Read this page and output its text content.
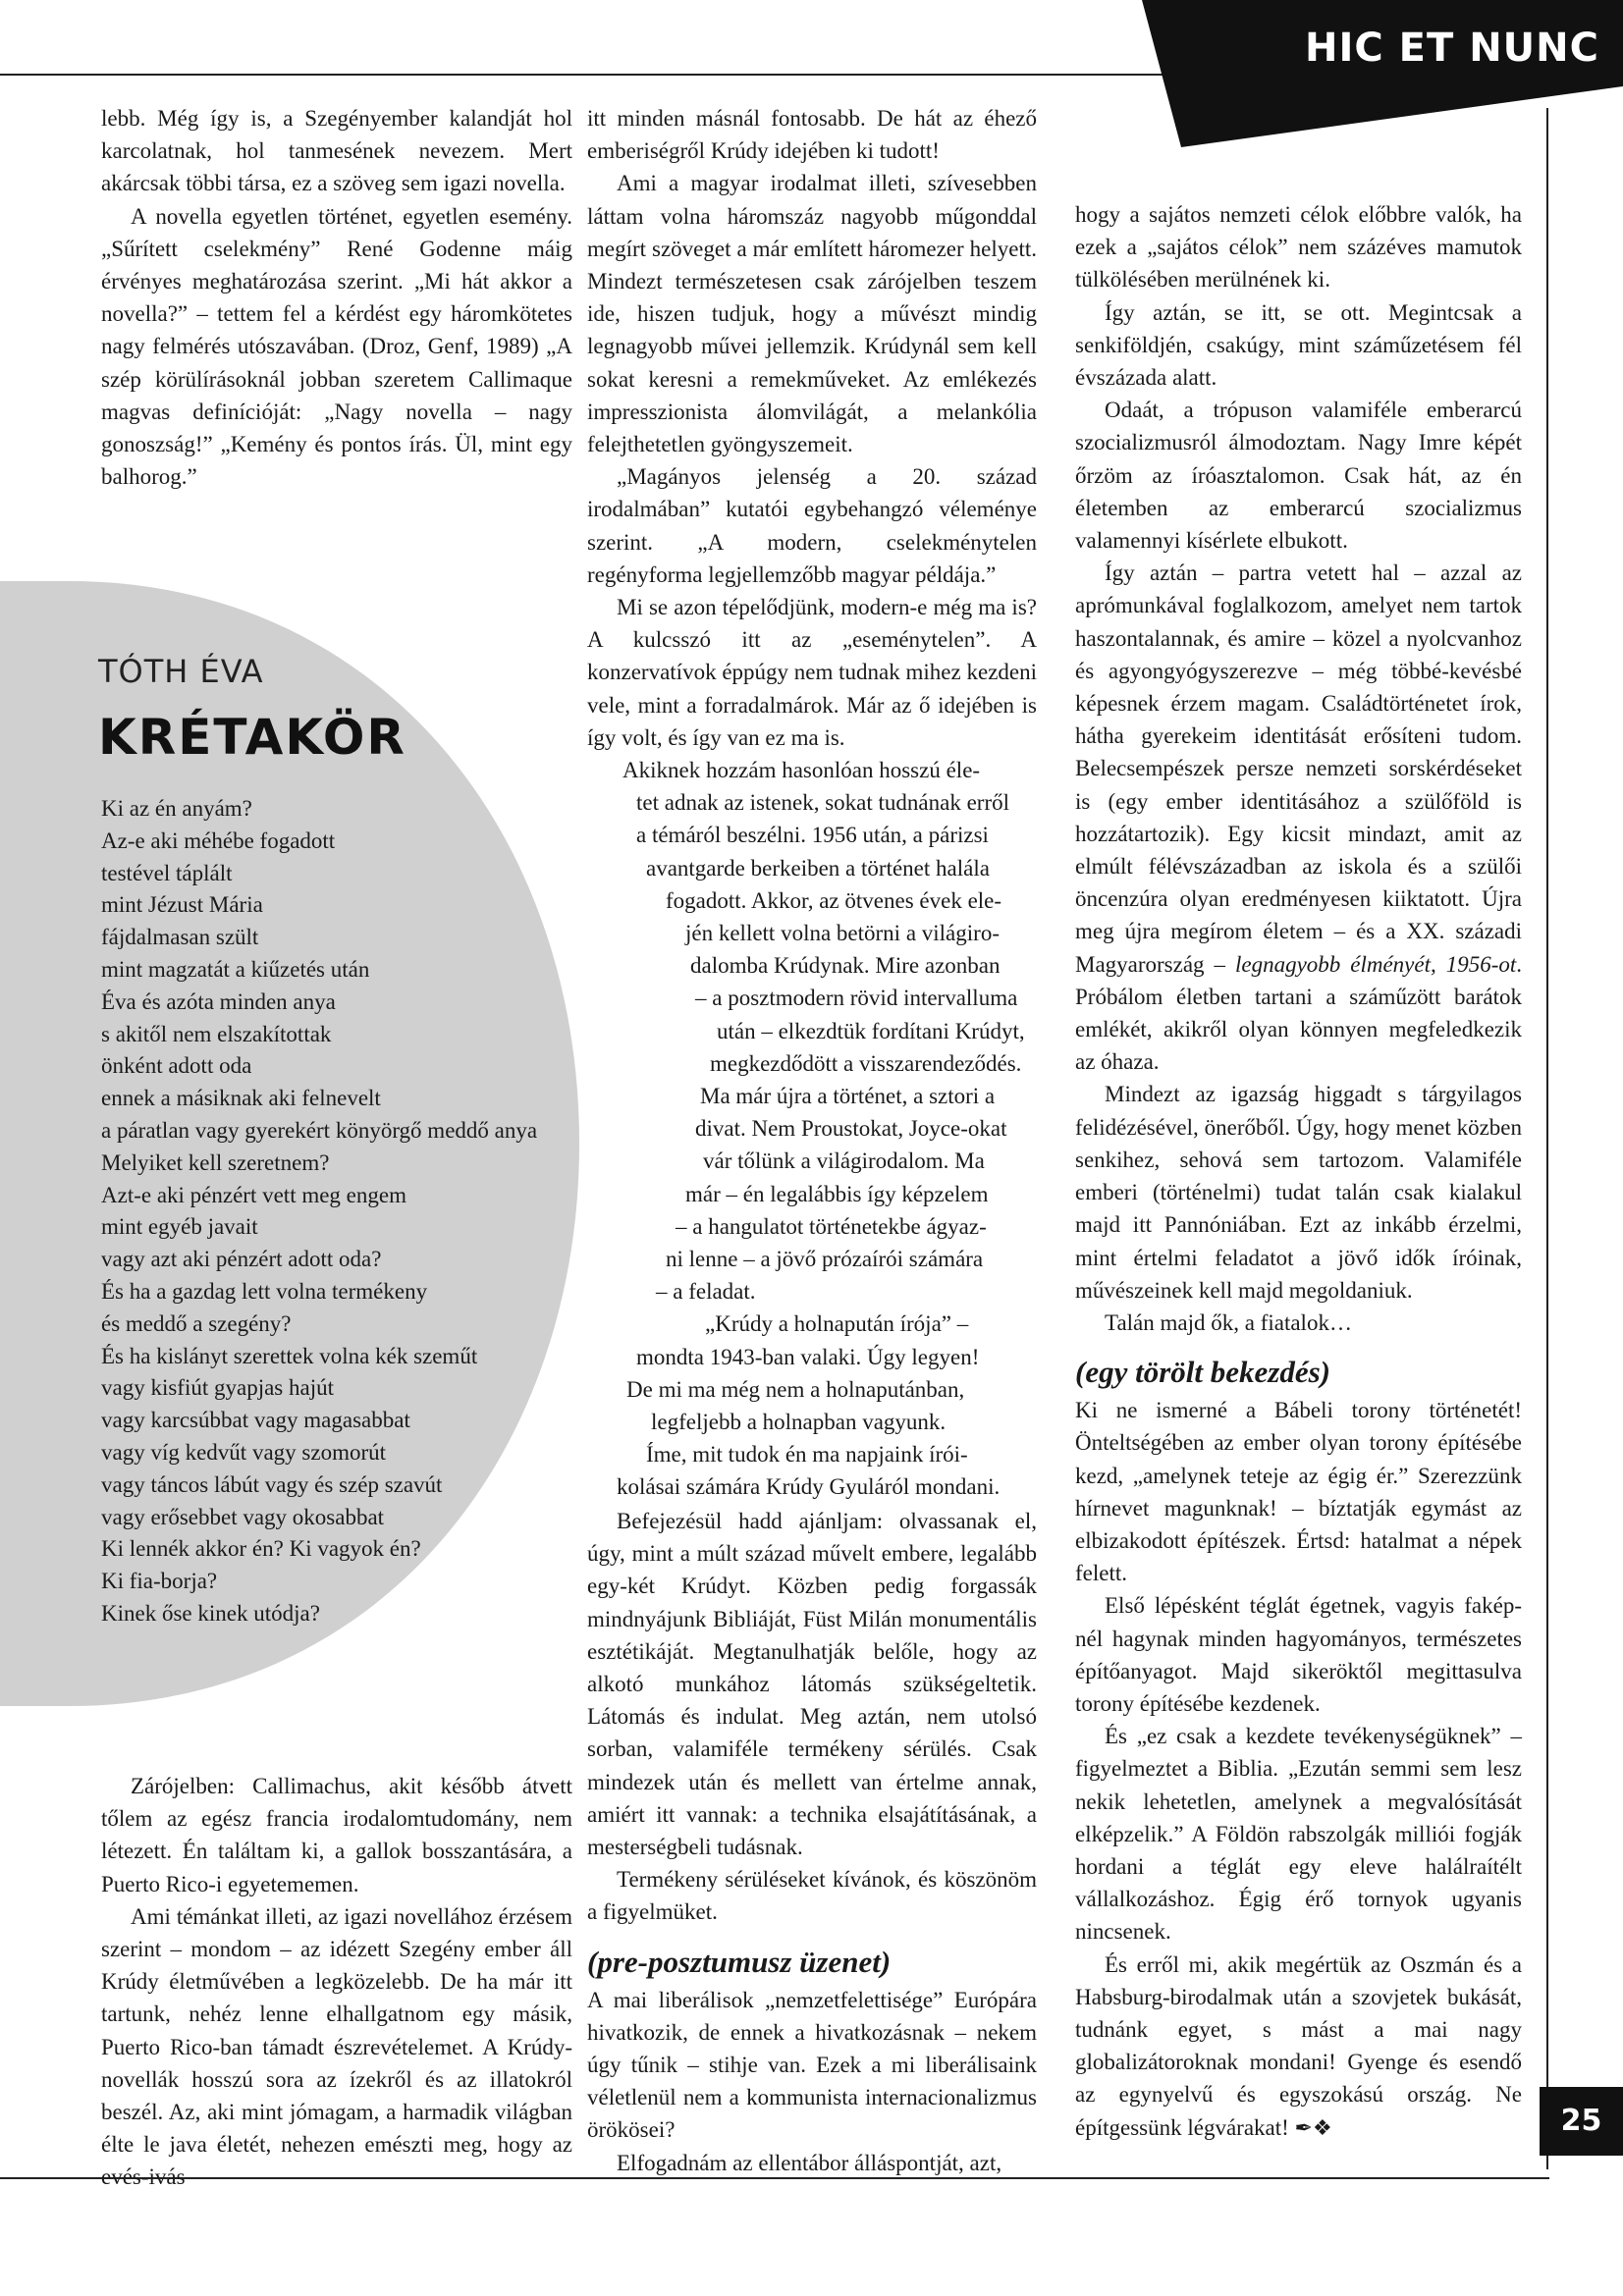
HIC ET NUNC

lebb. Még így is, a Szegényember kalandját hol karcolatnak, hol tanmesének nevezem. Mert akárcsak többi társa, ez a szöveg sem igazi novella.

A novella egyetlen történet, egyetlen esemény. „Sűrített cselekmény” René Godenne máig érvényes meghatározása szerint. „Mi hát akkor a novella?” – tettem fel a kérdést egy háromkötetes nagy felmérés utószavában. (Droz, Genf, 1989) „A szép körülírásoknál jobban szeretem Callimaque magvas definícióját: „Nagy novella – nagy gonoszság!” „Kemény és pontos írás. Ül, mint egy balhorog.”

TÓTH ÉVA
KRÉTAKÖR
Ki az én anyám?
Az-e aki méhébe fogadott
testével táplált
mint Jézust Mária
fájdalmasan szült
mint magzatát a kiűzetés után
Éva és azóta minden anya
s akitől nem elszakítottak
önként adott oda
ennek a másiknak aki felnevelt
a páratlan vagy gyerekért könyörgő meddő anya
Melyiket kell szeretnem?
Azt-e aki pénzért vett meg engem
mint egyéb javait
vagy azt aki pénzért adott oda?
És ha a gazdag lett volna termékeny
és meddő a szegény?
És ha kislányt szerettek volna kék szeműt
vagy kisfiút gyapjas hajút
vagy karcsúbbat vagy magasabbat
vagy víg kedvűt vagy szomorút
vagy táncos lábút vagy és szép szavút
vagy erősebbet vagy okosabbat
Ki lennék akkor én? Ki vagyok én?
Ki fia-borja?
Kinek őse kinek utódja?

Zárójelben: Callimachus, akit később átvett tőlem az egész francia irodalomtudomány, nem létezett. Én találtam ki, a gallok bosszantására, a Puerto Rico-i egyetememen.

Ami témánkat illeti, az igazi novellához érzésem szerint – mondom – az idézett Szegény ember áll Krúdy életművében a legközelebb. De ha már itt tartunk, nehéz lenne elhallgatnom egy másik, Puerto Rico-ban támadt észrevételemet. A Krúdy-novellák hosszú sora az ízekről és az illatokról beszél. Az, aki mint jómagam, a harmadik világban élte le java életét, nehezen emészti meg, hogy az evés-ivás

itt minden másnál fontosabb. De hát az éhező emberiségről Krúdy idejében ki tudott!

Ami a magyar irodalmat illeti, szívesebben láttam volna háromszáz nagyobb műgonddal megírt szöveget a már említett háromezer helyett. Mindezt természetesen csak zárójelben teszem ide, hiszen tudjuk, hogy a művészt mindig legnagyobb művei jellemzik. Krúdynál sem kell sokat keresni a remekműveket. Az emlékezés impresszionista álomvilágát, a melankólia felejthetetlen gyöngyszemeit.

„Magányos jelenség a 20. század irodalmában” kutatói egybehangzó véleménye szerint. „A modern, cselekménytelen regényforma legjellemzőbb magyar példája.”

Mi se azon tépelődjünk, modern-e még ma is? A kulcsszó itt az „eseménytelen”. A konzervatívok éppúgy nem tudnak mihez kezdeni vele, mint a forradalmárok. Már az ő idejében is így volt, és így van ez ma is.

Akiknek hozzám hasonlóan hosszú éle-
tet adnak az istenek, sokat tudnának erről
a témáról beszélni. 1956 után, a párizsi
avantgarde berkeiben a történet halála
fogadott. Akkor, az ötvenes évek ele-
jén kellett volna betörni a világiro-
dalomba Krúdynak. Mire azonban
– a posztmodern rövid intervalluma
után – elkezdtük fordítani Krúdyt,
megkezdődött a visszarendeződés.
Ma már újra a történet, a sztori a
divat. Nem Proustokat, Joyce-okat
vár tőlünk a világirodalom. Ma
már – én legalábbis így képzelem
– a hangulatot történetekbe ágyaz-
ni lenne – a jövő prózaírói számára
– a feladat.
„Krúdy a holnapután írója” –
mondta 1943-ban valaki. Úgy legyen!
De mi ma még nem a holnaputánban,
legfeljebb a holnapban vagyunk.
Íme, mit tudok én ma napjaink írói-
kolásai számára Krúdy Gyuláról mondani.

Befejezésül hadd ajánljam: olvassanak el, úgy, mint a múlt század művelt embere, legalább egy-két Krúdyt. Közben pedig forgassák mindnyájunk Bibliáját, Füst Milán monumentális esztétikáját. Megtanulhatják belőle, hogy az alkotó munkához látomás szükségeltetik. Látomás és indulat. Meg aztán, nem utolsó sorban, valamiféle termékeny sérülés. Csak mindezek után és mellett van értelme annak, amiért itt vannak: a technika elsajátításának, a mesterségbeli tudásnak.

Termékeny sérüléseket kívánok, és köszönöm a figyelmüket.

(pre-posztumusz üzenet)

A mai liberálisok „nemzetfelettisége” Európára hivatkozik, de ennek a hivatkozásnak – nekem úgy tűnik – stihje van. Ezek a mi liberálisaink véletlenül nem a kommunista internacionalizmus örökösei?

Elfogadnám az ellentábor álláspontját, azt,

hogy a sajátos nemzeti célok előbbre valók, ha ezek a „sajátos célok” nem százéves mamutok tülkölésében merülnének ki.

Így aztán, se itt, se ott. Megintcsak a senkiföldjén, csakúgy, mint száműzetésem fél évszázada alatt.

Odaát, a trópuson valamiféle emberarcú szocializmusról álmodoztam. Nagy Imre képét őrzöm az íróasztalomon. Csak hát, az én életemben az emberarcú szocializmus valamennyi kísérlete elbukott.

Így aztán – partra vetett hal – azzal az aprómunkával foglalkozom, amelyet nem tartok haszontalannak, és amire – közel a nyolcvanhoz és agyongyógyszerezve – még többé-kevésbé képesnek érzem magam. Családtörténetet írok, hátha gyerekeim identitását erősíteni tudom. Belecsempészek persze nemzeti sorskérdéseket is (egy ember identitásához a szülőföld is hozzátartozik). Egy kicsit mindazt, amit az elmúlt félévszázadban az iskola és a szülői öncenzúra olyan eredményesen kiiktatott. Újra meg újra megírom életem – és a XX. századi Magyarország – legnagyobb élményét, 1956-ot. Próbálom életben tartani a száműzött barátok emlékét, akikről olyan könnyen megfeledkezik az óhaza.

Mindezt az igazság higgadt s tárgyilagos felidézésével, önerőből. Úgy, hogy menet közben senkihez, sehová sem tartozom. Valamiféle emberi (történelmi) tudat talán csak kialakul majd itt Pannóniában. Ezt az inkább érzelmi, mint értelmi feladatot a jövő idők íróinak, művészeinek kell majd megoldaniuk.

Talán majd ők, a fiatalok…

(egy törölt bekezdés)

Ki ne ismerné a Bábeli torony történetét! Önteltségében az ember olyan torony építésébe kezd, „amelynek teteje az égig ér.” Szerezzünk hírnevet magunknak! – bíztatják egymást az elbizakodott építészek. Értsd: hatalmat a népek felett.

Első lépésként téglát égetnek, vagyis fakép-nél hagynak minden hagyományos, természetes építőanyagot. Majd sikeröktől megittasulva torony építésébe kezdenek.

És „ez csak a kezdete tevékenységüknek” – figyelmeztet a Biblia. „Ezután semmi sem lesz nekik lehetetlen, amelynek a megvalósítását elképzelik.” A Földön rabszolgák milliói fogják hordani a téglát egy eleve halálraítélt vállalkozáshoz. Égig érő tornyok ugyanis nincsenek.

És erről mi, akik megértük az Oszmán és a Habsburg-birodalmak után a szovjetek bukását, tudnánk egyet, s mást a mai nagy globalizátoroknak mondani! Gyenge és esendő az egynyelvű és egyszokású ország. Ne építgessünk légvárakat! ✒❖	25
